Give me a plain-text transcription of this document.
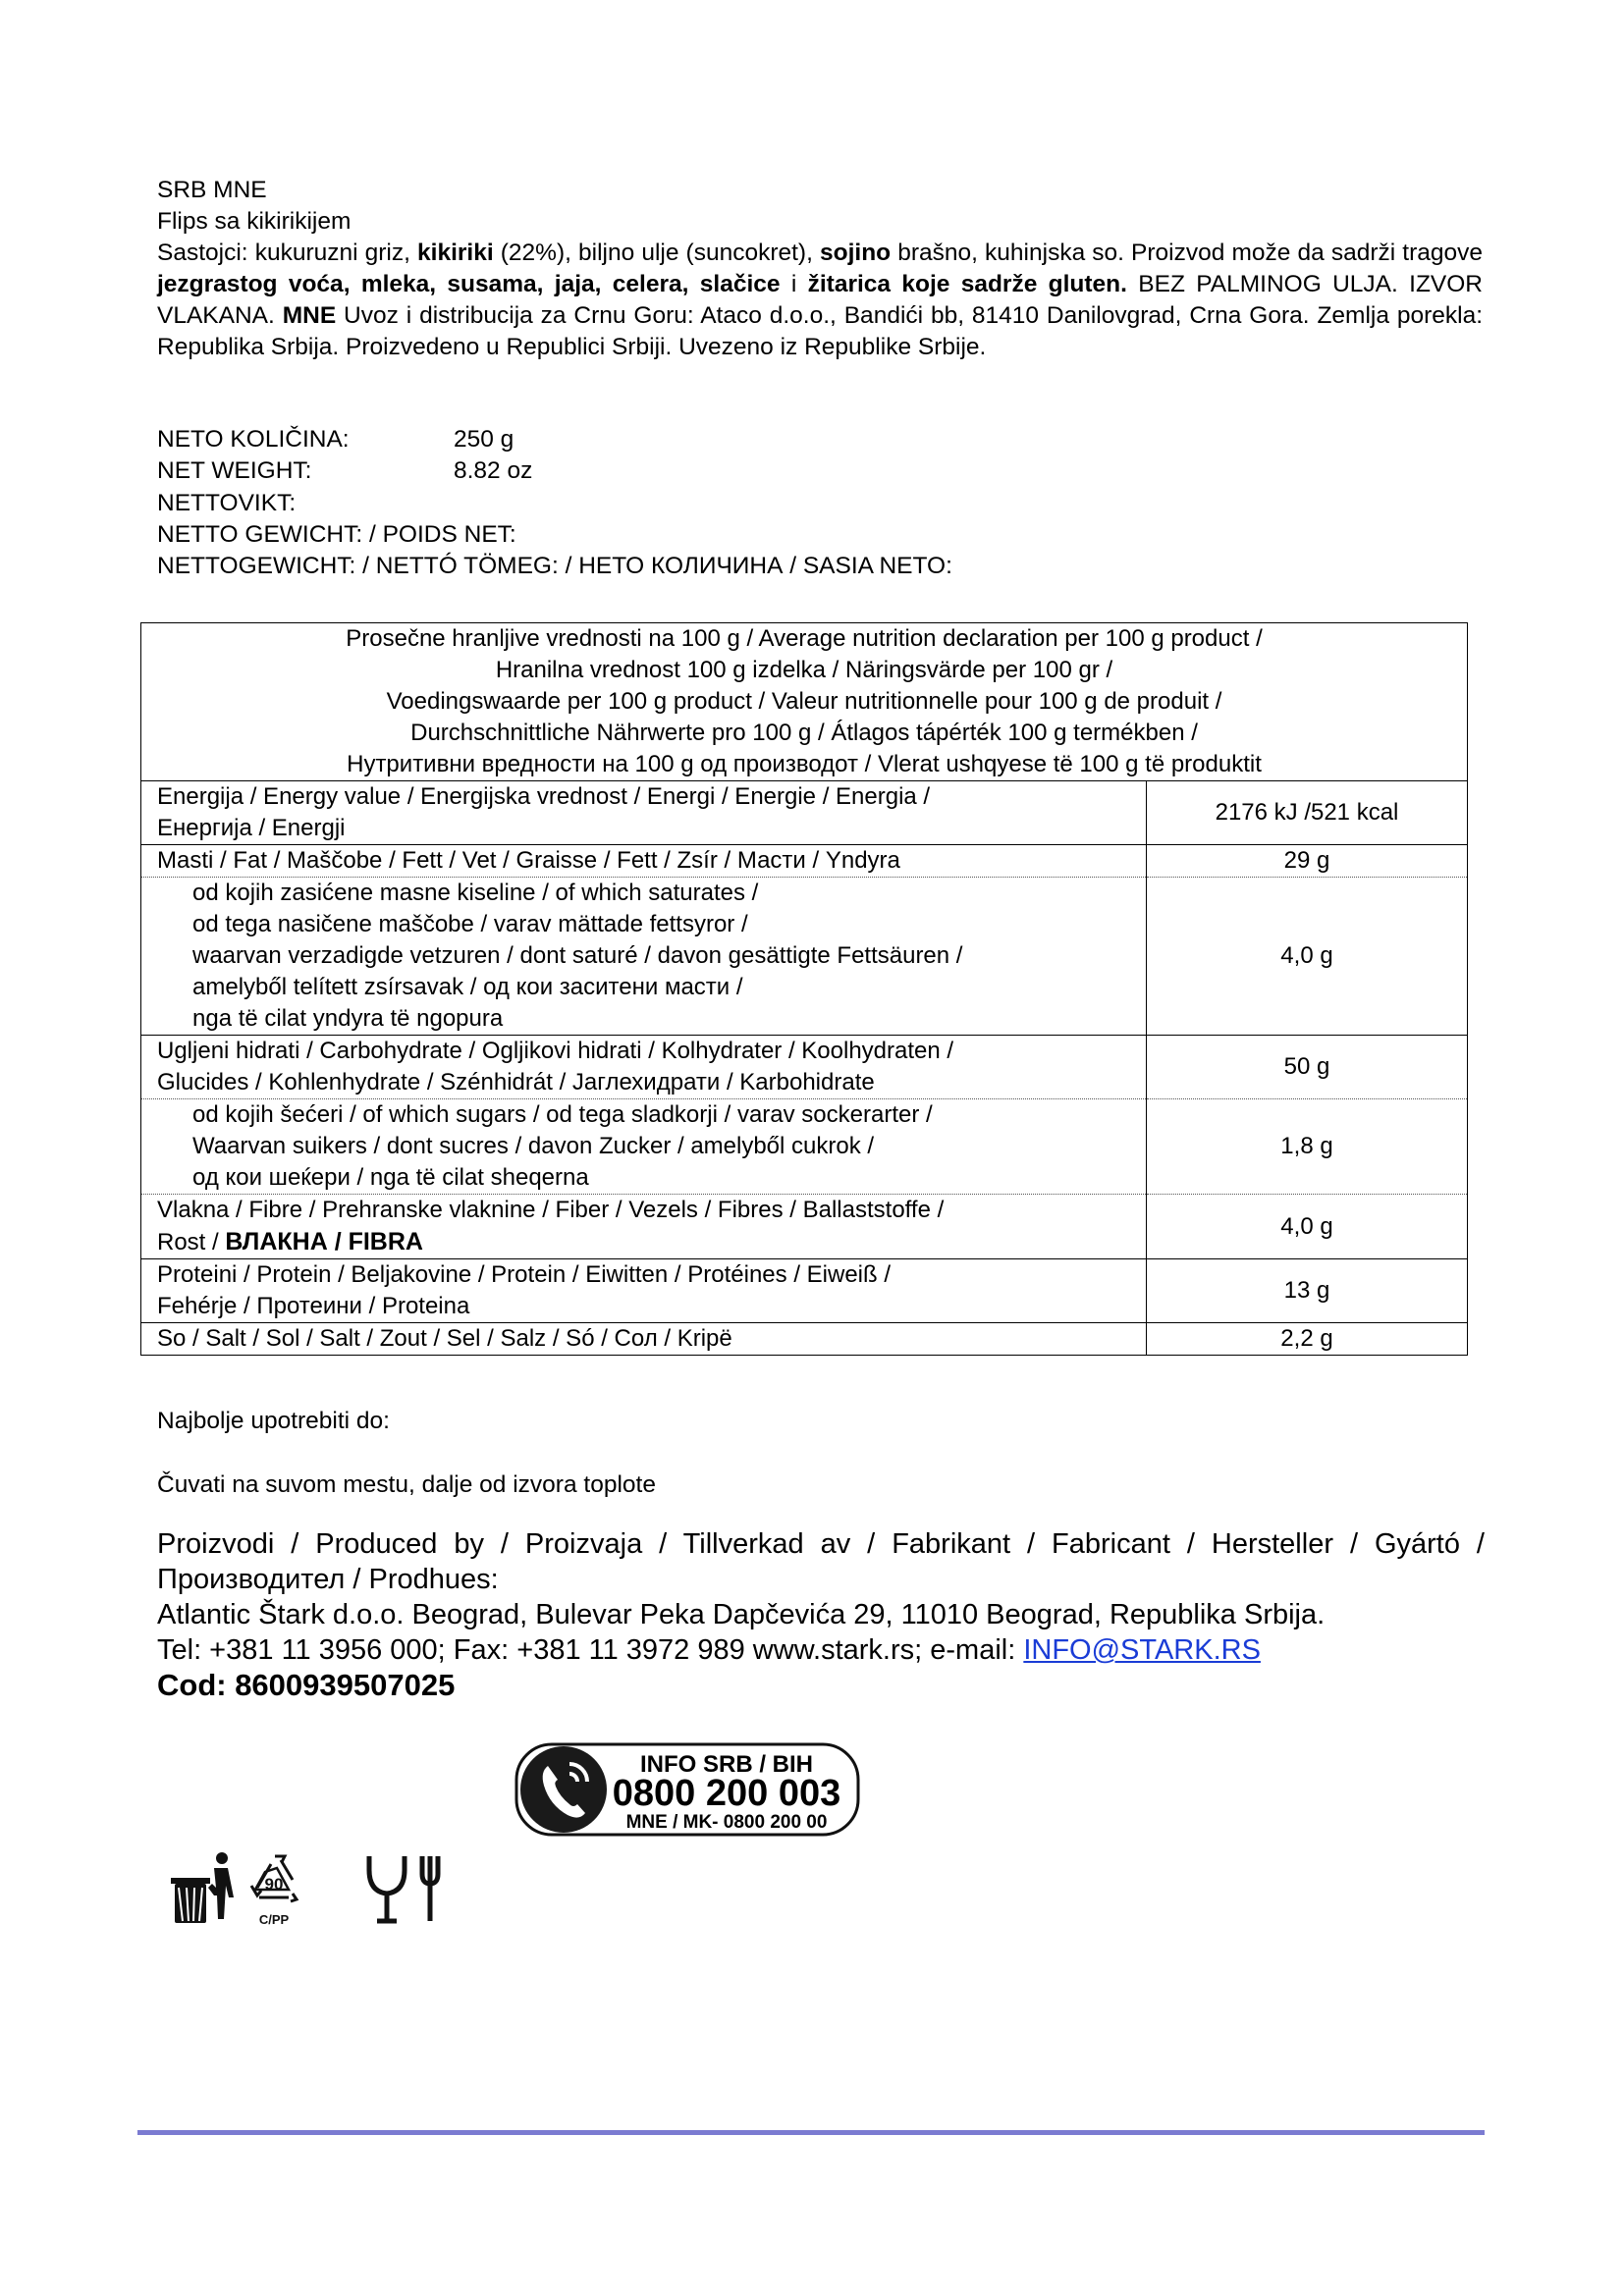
SRB MNE
Flips sa kikirikijem
Sastojci: kukuruzni griz, kikiriki (22%), biljno ulje (suncokret), sojino brašno, kuhinjska so. Proizvod može da sadrži tragove jezgrastog voća, mleka, susama, jaja, celera, slačice i žitarica koje sadrže gluten. BEZ PALMINOG ULJA. IZVOR VLAKANA. MNE Uvoz i distribucija za Crnu Goru: Ataco d.o.o., Bandići bb, 81410 Danilovgrad, Crna Gora. Zemlja porekla: Republika Srbija. Proizvedeno u Republici Srbiji. Uvezeno iz Republike Srbije.
NETO KOLIČINA:	250 g
NET WEIGHT:	8.82 oz
NETTOVIKT:
NETTO GEWICHT: / POIDS NET:
NETTOGEWICHT: / NETTÓ TÖMEG: / НЕТО КОЛИЧИНА / SASIA NETO:
Prosečne hranljive vrednosti na 100 g / Average nutrition declaration per 100 g product /
Hranilna vrednost 100 g izdelka / Näringsvärde per 100 gr /
Voedingswaarde per 100 g product / Valeur nutritionnelle pour 100 g de produit /
Durchschnittliche Nährwerte pro 100 g / Átlagos tápérték 100 g termékben /
Нутритивни вредности на 100 g од производот / Vlerat ushqyese të 100 g të produktit	

Energija / Energy value / Energijska vrednost / Energi / Energie / Energia /
Енергија / Energji	2176 kJ /521 kcal

Masti / Fat / Maščobe / Fett / Vet / Graisse / Fett / Zsír / Масти / Yndyra	29 g

od kojih zasićene masne kiseline / of which saturates /
od tega nasičene maščobe / varav mättade fettsyror /
waarvan verzadigde vetzuren / dont saturé / davon gesättigte Fettsäuren /
amelyből telített zsírsavak / од кои заситени масти /
nga të cilat yndyra të ngopura	4,0 g

Ugljeni hidrati / Carbohydrate / Ogljikovi hidrati / Kolhydrater / Koolhydraten /
Glucides / Kohlenhydrate / Szénhidrát / Јаглехидрати / Karbohidrate	50 g

od kojih šećeri / of which sugars / od tega sladkorji / varav sockerarter /
Waarvan suikers / dont sucres / davon Zucker / amelyből cukrok /
од кои шеќери / nga të cilat sheqerna	1,8 g

Vlakna / Fibre / Prehranske vlaknine / Fiber / Vezels / Fibres / Ballaststoffe /
Rost / ВЛАКНА / FIBRA	4,0 g

Proteini / Protein / Beljakovine / Protein / Eiwitten / Protéines / Eiweiß /
Fehérje / Протеини / Proteina	13 g

So / Salt / Sol / Salt / Zout / Sel / Salz / Só / Сол / Kripë	2,2 g
Najbolje upotrebiti do:
Čuvati na suvom mestu, dalje od izvora toplote
Proizvodi / Produced by / Proizvaja / Tillverkad av / Fabrikant / Fabricant / Hersteller / Gyártó /
Производител / Prodhues:
Atlantic Štark d.o.o. Beograd, Bulevar Peka Dapčevića 29, 11010 Beograd, Republika Srbija.
Tel: +381 11 3956 000; Fax: +381 11 3972 989 www.stark.rs; e-mail: INFO@STARK.RS
Cod: 8600939507025
INFO SRB / BIH
0800 200 003
MNE / MK- 0800 200 00
90
C/PP
